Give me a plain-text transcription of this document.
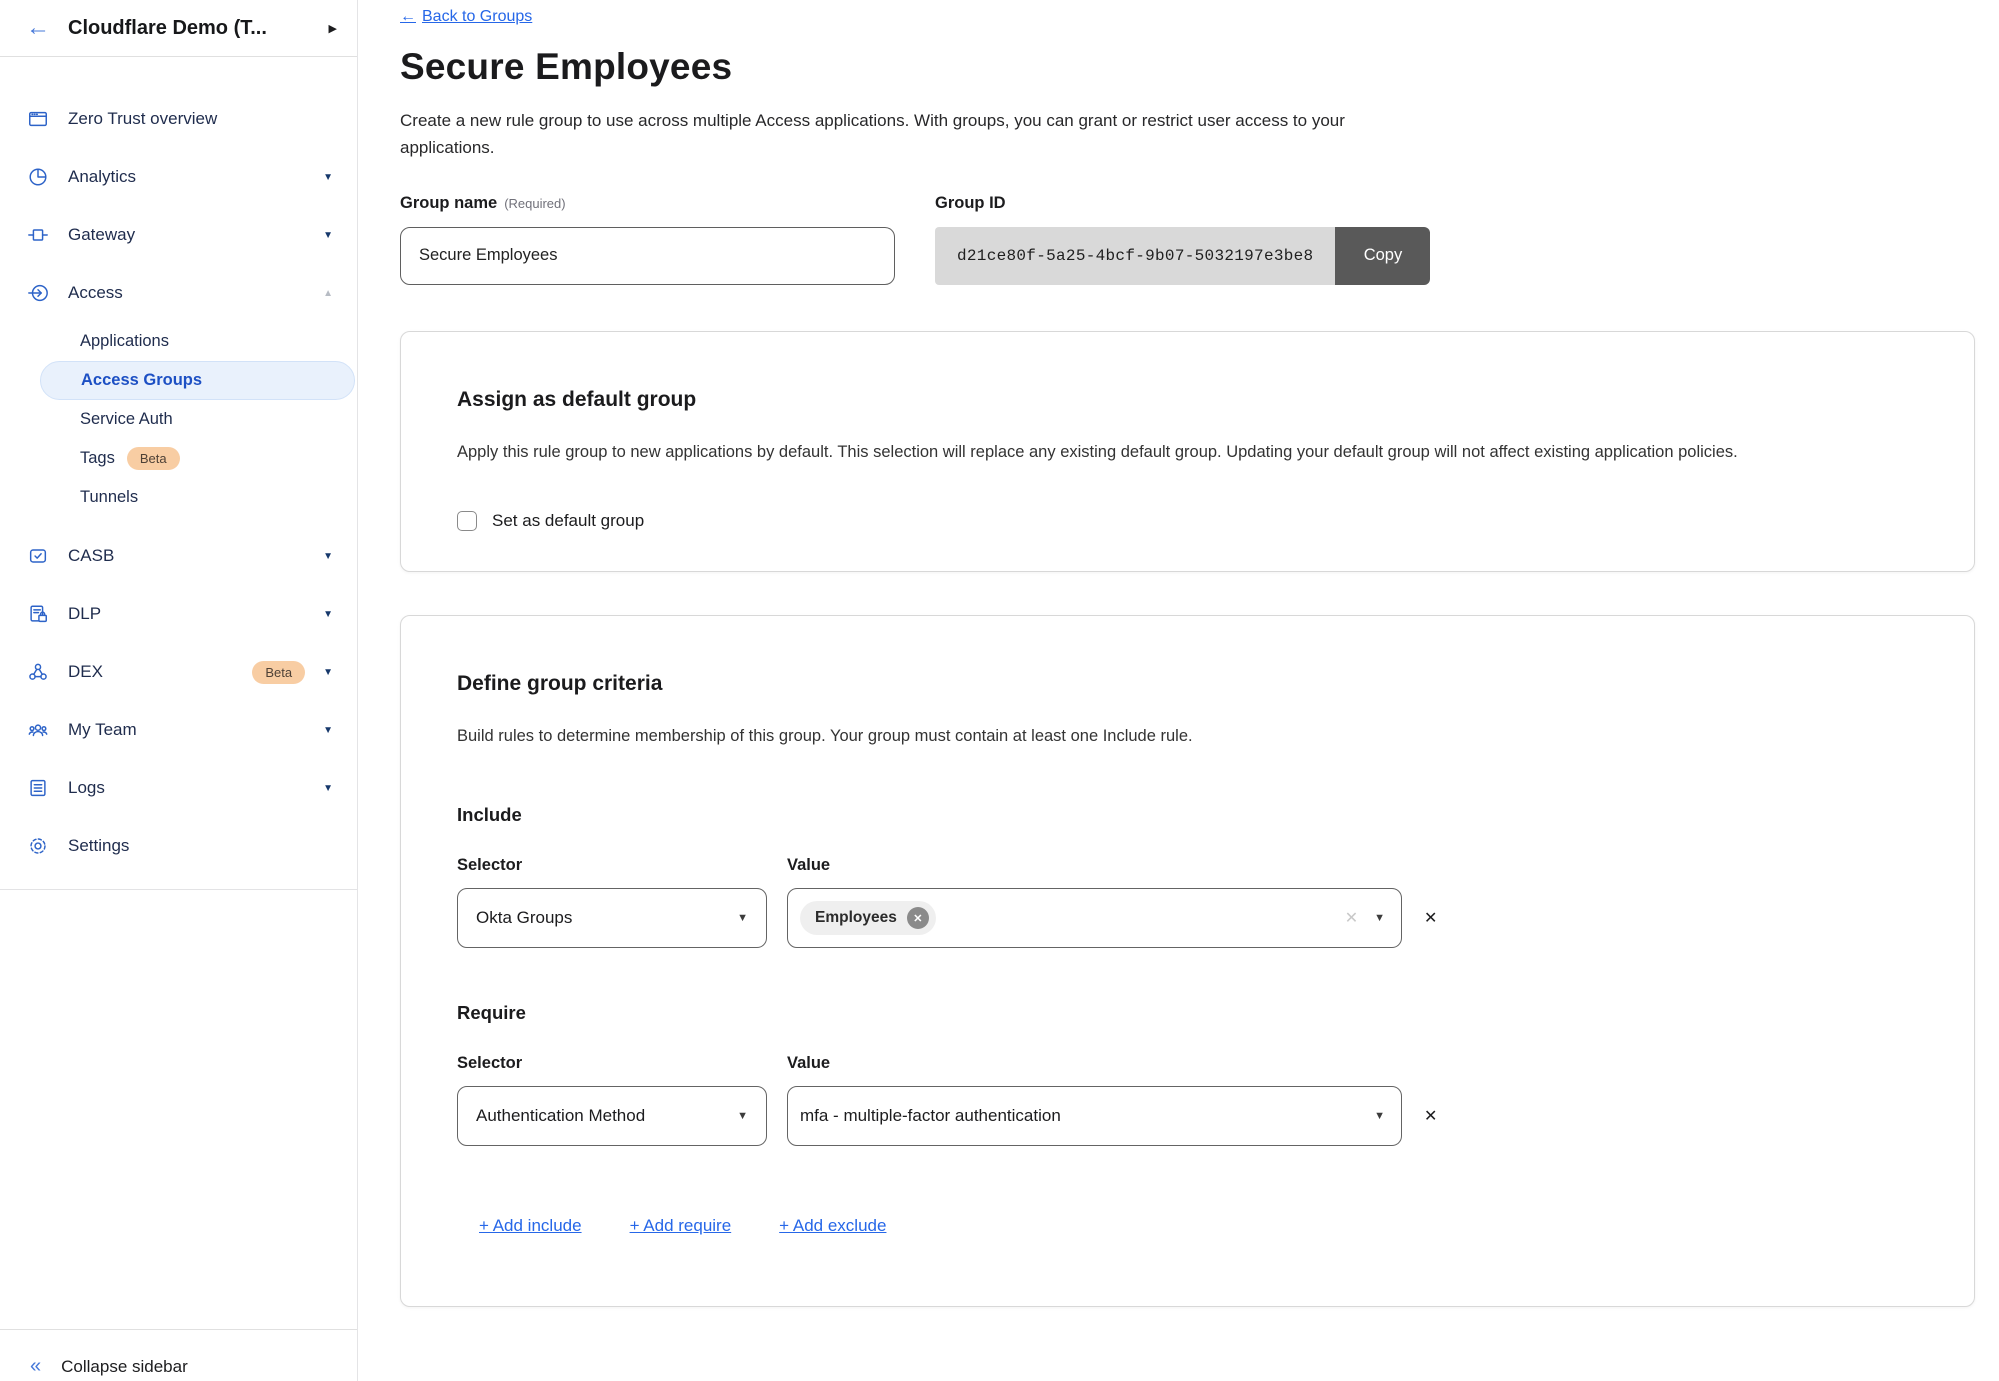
← Cloudflare Demo (T...	▶
Zero Trust overview
Analytics	▼
Gateway	▼
Access	▲
Applications
Access Groups
Service Auth
Tags	Beta
Tunnels
CASB	▼
DLP	▼
DEX	Beta	▼
My Team	▼
Logs	▼
Settings
« Collapse sidebar
← Back to Groups
Secure Employees

Create a new rule group to use across multiple Access applications. With groups, you can grant or restrict user access to your applications.

Group name (Required)
Secure Employees	Group ID
d21ce80f-5a25-4bcf-9b07-5032197e3be8	Copy
Assign as default group

Apply this rule group to new applications by default. This selection will replace any existing default group. Updating your default group will not affect existing application policies.

Set as default group
Define group criteria

Build rules to determine membership of this group. Your group must contain at least one Include rule.

Include
Selector	Value
Okta Groups	▼	Employees	✕	✕ ▼ ✕
Require
Selector	Value
Authentication Method	▼	mfa - multiple-factor authentication	▼ ✕
+ Add include	+ Add require	+ Add exclude
